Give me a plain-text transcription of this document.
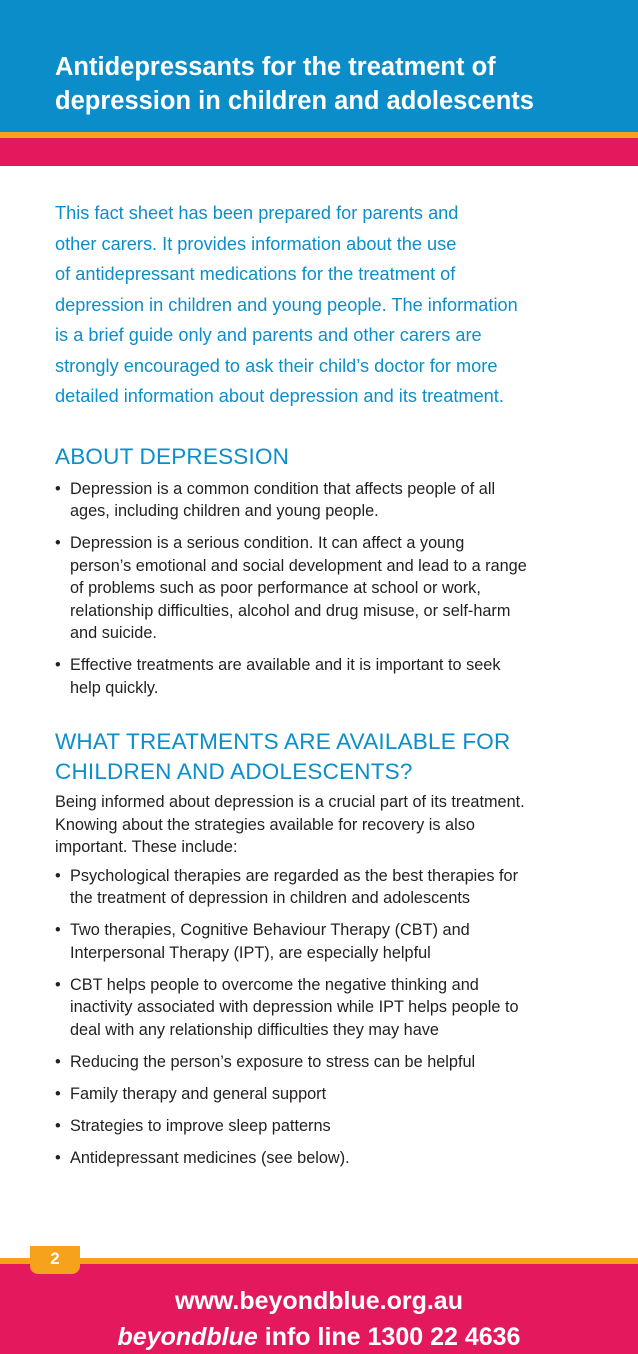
Antidepressants for the treatment of
depression in children and adolescents

This fact sheet has been prepared for parents and
other carers. It provides information about the use
of antidepressant medications for the treatment of
depression in children and young people. The information
is a brief guide only and parents and other carers are
strongly encouraged to ask their child’s doctor for more
detailed information about depression and its treatment.

ABOUT DEPRESSION
• Depression is a common condition that affects people of all
ages, including children and young people.
• Depression is a serious condition. It can affect a young
person’s emotional and social development and lead to a range
of problems such as poor performance at school or work,
relationship difficulties, alcohol and drug misuse, or self-harm
and suicide.
• Effective treatments are available and it is important to seek
help quickly.
WHAT TREATMENTS ARE AVAILABLE FOR
CHILDREN AND ADOLESCENTS?

Being informed about depression is a crucial part of its treatment.
Knowing about the strategies available for recovery is also
important. These include:

• Psychological therapies are regarded as the best therapies for
the treatment of depression in children and adolescents
• Two therapies, Cognitive Behaviour Therapy (CBT) and
Interpersonal Therapy (IPT), are especially helpful
• CBT helps people to overcome the negative thinking and
inactivity associated with depression while IPT helps people to
deal with any relationship difficulties they may have
• Reducing the person’s exposure to stress can be helpful
• Family therapy and general support
• Strategies to improve sleep patterns
• Antidepressant medicines (see below).
2
www.beyondblue.org.au
beyondblue info line 1300 22 4636
